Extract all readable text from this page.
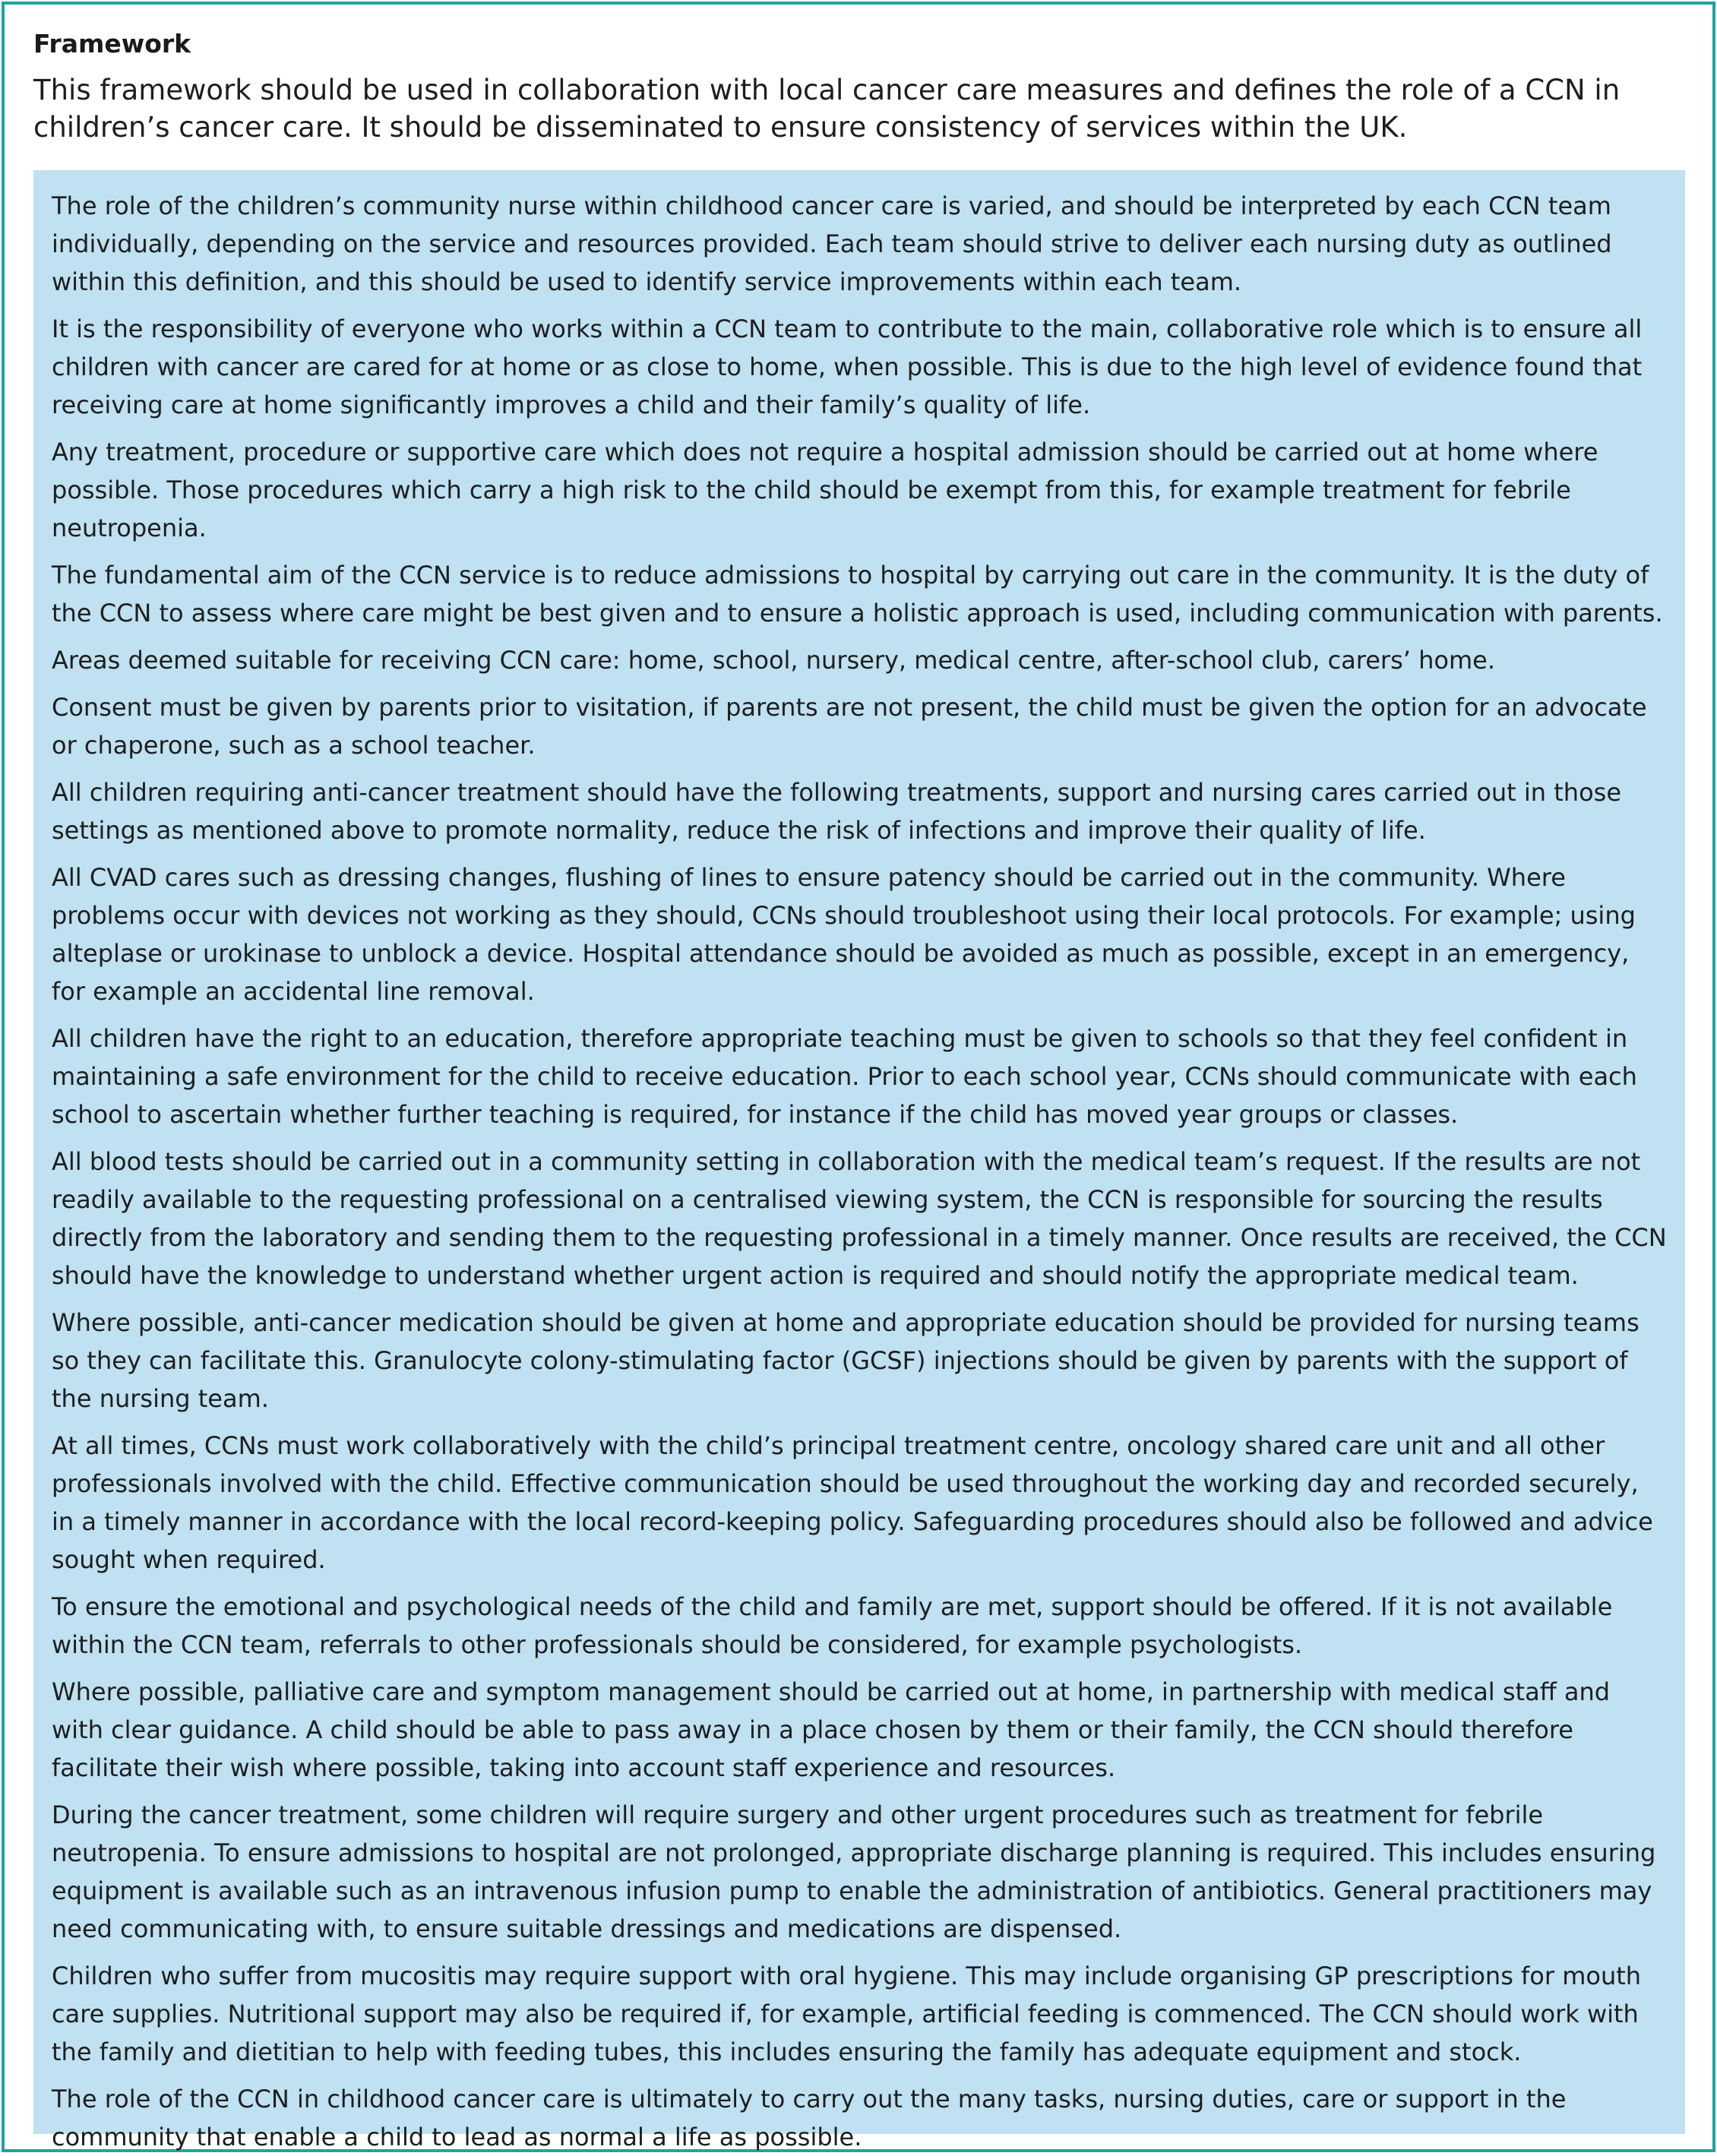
Framework

This framework should be used in collaboration with local cancer care measures and defines the role of a CCN in children’s cancer care. It should be disseminated to ensure consistency of services within the UK.

The role of the children’s community nurse within childhood cancer care is varied, and should be interpreted by each CCN team individually, depending on the service and resources provided. Each team should strive to deliver each nursing duty as outlined within this definition, and this should be used to identify service improvements within each team.

It is the responsibility of everyone who works within a CCN team to contribute to the main, collaborative role which is to ensure all children with cancer are cared for at home or as close to home, when possible. This is due to the high level of evidence found that receiving care at home significantly improves a child and their family’s quality of life.

Any treatment, procedure or supportive care which does not require a hospital admission should be carried out at home where possible. Those procedures which carry a high risk to the child should be exempt from this, for example treatment for febrile neutropenia.

The fundamental aim of the CCN service is to reduce admissions to hospital by carrying out care in the community. It is the duty of the CCN to assess where care might be best given and to ensure a holistic approach is used, including communication with parents.

Areas deemed suitable for receiving CCN care: home, school, nursery, medical centre, after-school club, carers’ home.

Consent must be given by parents prior to visitation, if parents are not present, the child must be given the option for an advocate or chaperone, such as a school teacher.

All children requiring anti-cancer treatment should have the following treatments, support and nursing cares carried out in those settings as mentioned above to promote normality, reduce the risk of infections and improve their quality of life.

All CVAD cares such as dressing changes, flushing of lines to ensure patency should be carried out in the community. Where problems occur with devices not working as they should, CCNs should troubleshoot using their local protocols. For example; using alteplase or urokinase to unblock a device. Hospital attendance should be avoided as much as possible, except in an emergency, for example an accidental line removal.

All children have the right to an education, therefore appropriate teaching must be given to schools so that they feel confident in maintaining a safe environment for the child to receive education. Prior to each school year, CCNs should communicate with each school to ascertain whether further teaching is required, for instance if the child has moved year groups or classes.

All blood tests should be carried out in a community setting in collaboration with the medical team’s request. If the results are not readily available to the requesting professional on a centralised viewing system, the CCN is responsible for sourcing the results directly from the laboratory and sending them to the requesting professional in a timely manner. Once results are received, the CCN should have the knowledge to understand whether urgent action is required and should notify the appropriate medical team.

Where possible, anti-cancer medication should be given at home and appropriate education should be provided for nursing teams so they can facilitate this. Granulocyte colony-stimulating factor (GCSF) injections should be given by parents with the support of the nursing team.

At all times, CCNs must work collaboratively with the child’s principal treatment centre, oncology shared care unit and all other professionals involved with the child. Effective communication should be used throughout the working day and recorded securely, in a timely manner in accordance with the local record-keeping policy. Safeguarding procedures should also be followed and advice sought when required.

To ensure the emotional and psychological needs of the child and family are met, support should be offered. If it is not available within the CCN team, referrals to other professionals should be considered, for example psychologists.

Where possible, palliative care and symptom management should be carried out at home, in partnership with medical staff and with clear guidance. A child should be able to pass away in a place chosen by them or their family, the CCN should therefore facilitate their wish where possible, taking into account staff experience and resources.

During the cancer treatment, some children will require surgery and other urgent procedures such as treatment for febrile neutropenia. To ensure admissions to hospital are not prolonged, appropriate discharge planning is required. This includes ensuring equipment is available such as an intravenous infusion pump to enable the administration of antibiotics. General practitioners may need communicating with, to ensure suitable dressings and medications are dispensed.

Children who suffer from mucositis may require support with oral hygiene. This may include organising GP prescriptions for mouth care supplies. Nutritional support may also be required if, for example, artificial feeding is commenced. The CCN should work with the family and dietitian to help with feeding tubes, this includes ensuring the family has adequate equipment and stock.

The role of the CCN in childhood cancer care is ultimately to carry out the many tasks, nursing duties, care or support in the community that enable a child to lead as normal a life as possible.
